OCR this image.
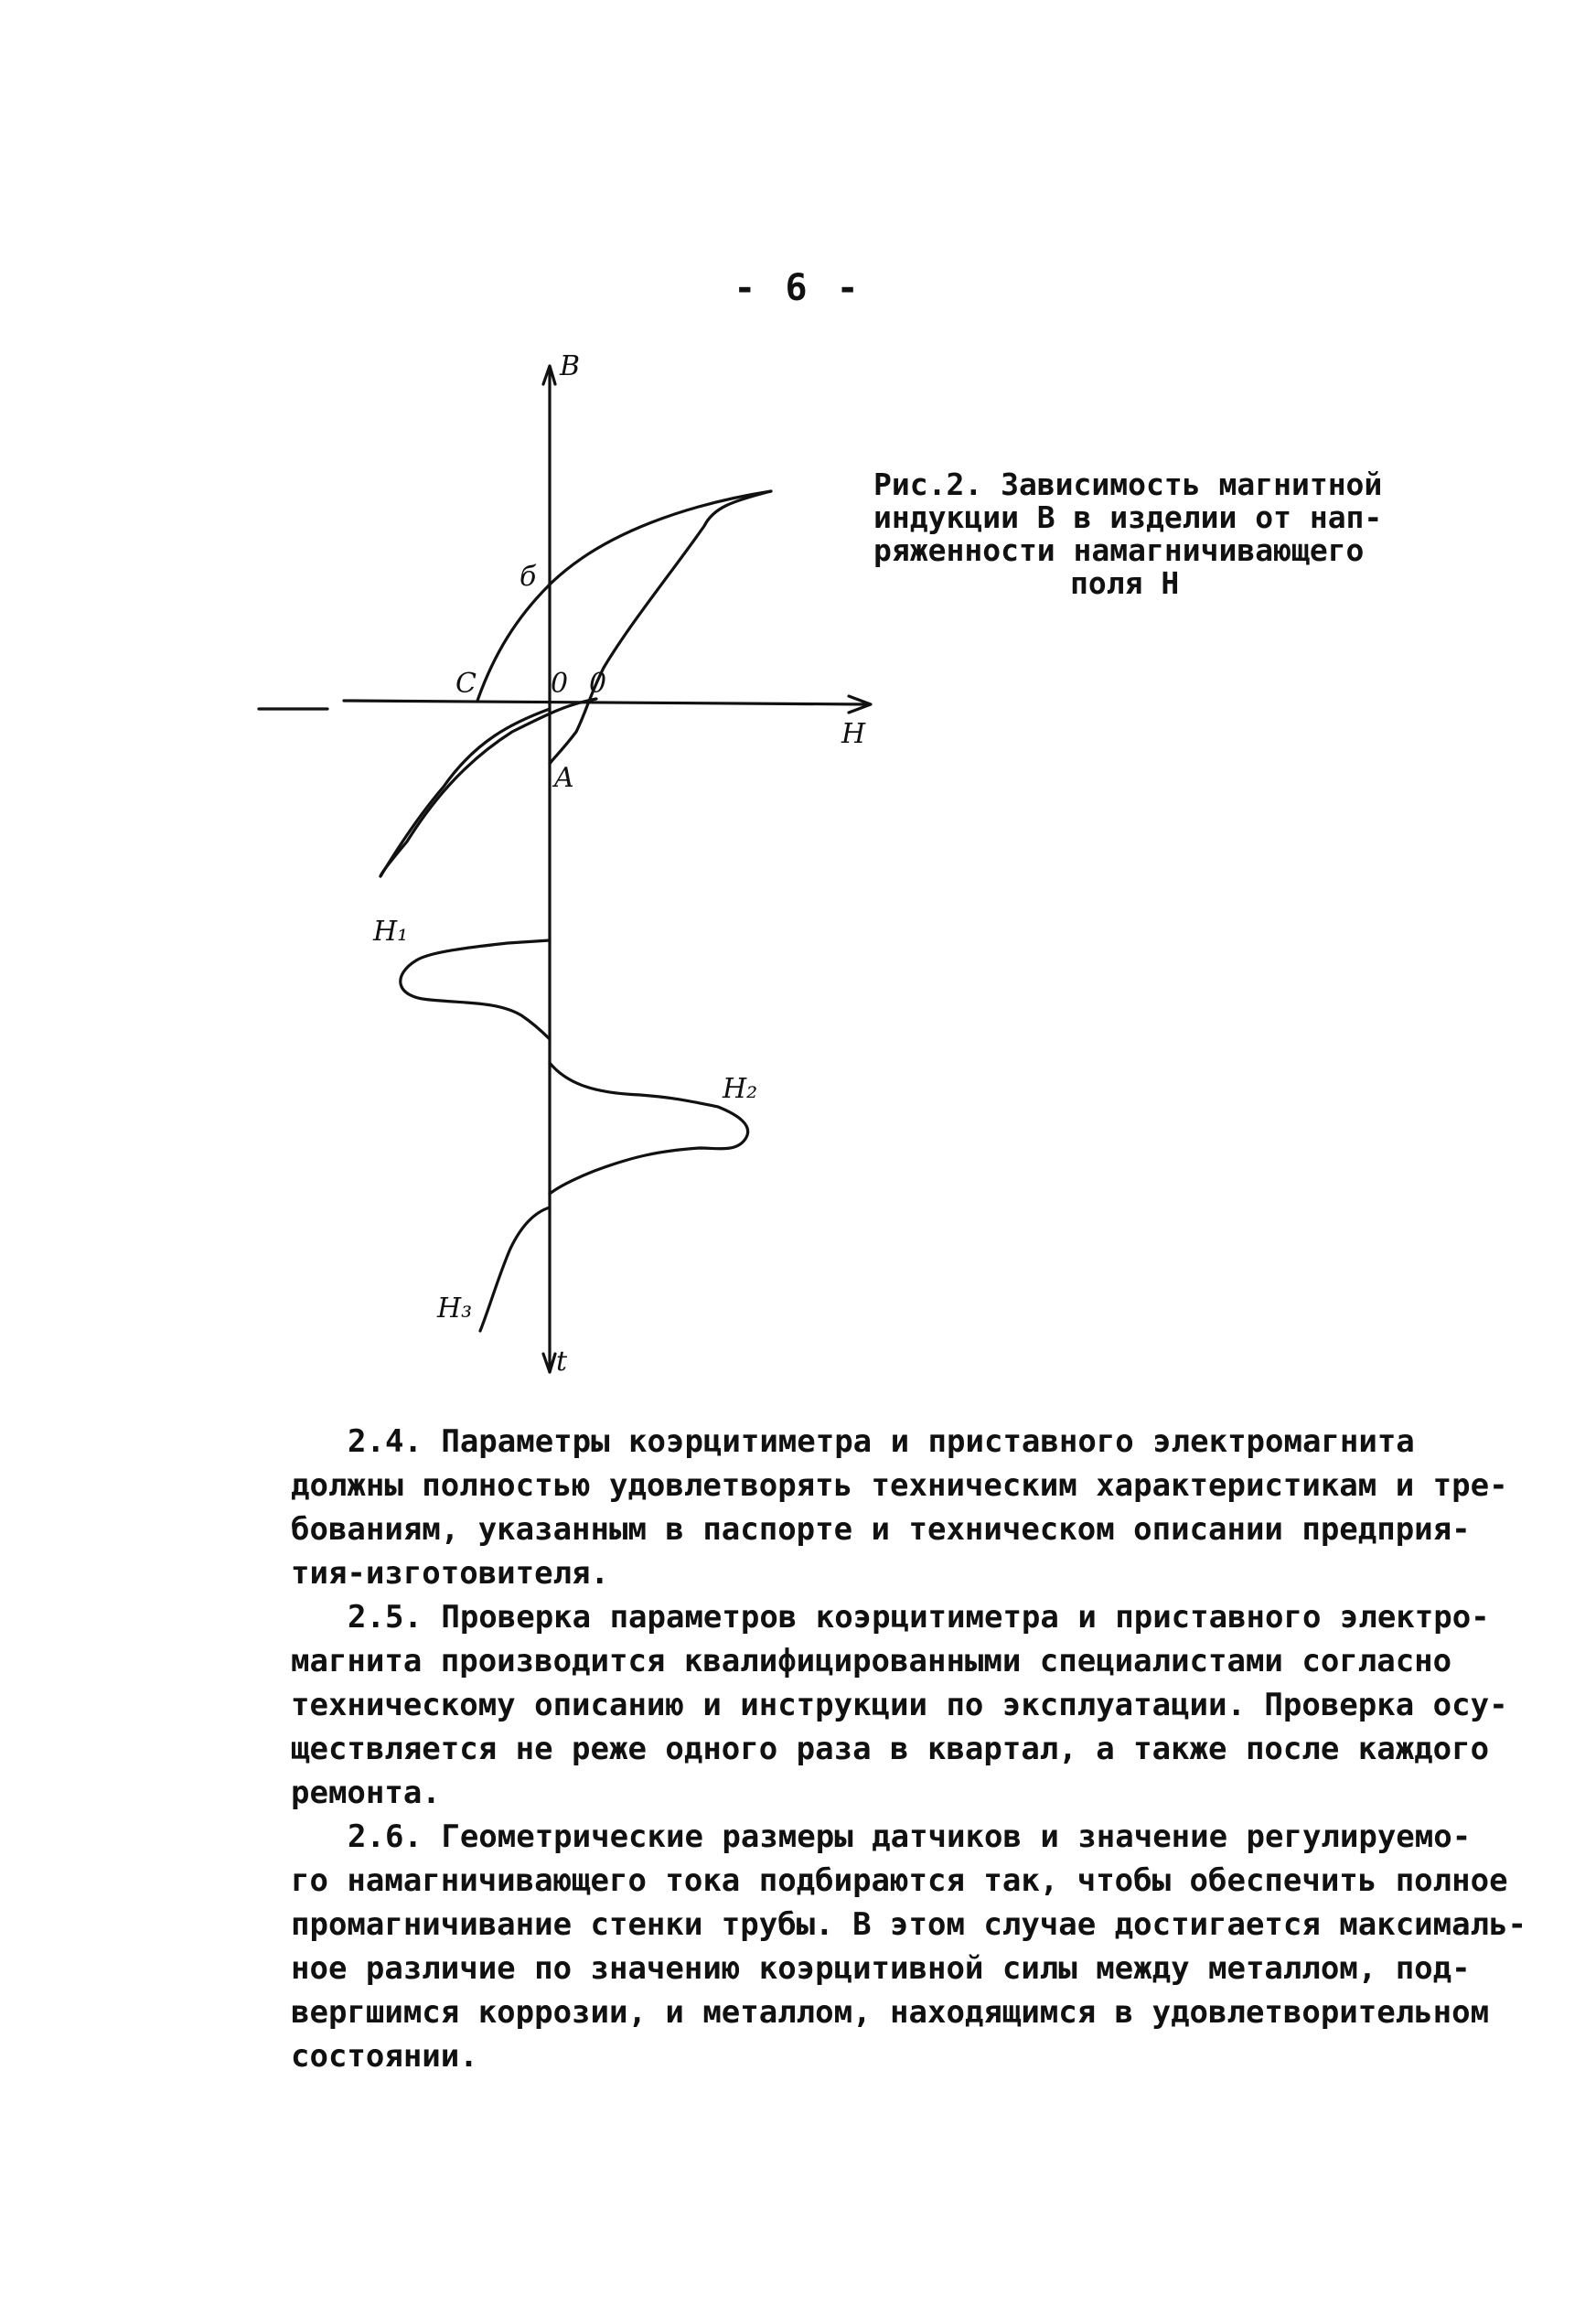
- 6 -
B
H
t
б
C	0 0
A
H₁
H₂
H₃
Рис.2. Зависимость магнитной
индукции B в изделии от нап-
ряженности намагничивающего
поля H

2.4. Параметры коэрцитиметра и приставного электромагнита
должны полностью удовлетворять техническим характеристикам и тре-
бованиям, указанным в паспорте и техническом описании предприя-
тия-изготовителя.

2.5. Проверка параметров коэрцитиметра и приставного электро-
магнита производится квалифицированными специалистами согласно
техническому описанию и инструкции по эксплуатации. Проверка осу-
ществляется не реже одного раза в квартал, а также после каждого
ремонта.

2.6. Геометрические размеры датчиков и значение регулируемо-
го намагничивающего тока подбираются так, чтобы обеспечить полное
промагничивание стенки трубы. В этом случае достигается максималь-
ное различие по значению коэрцитивной силы между металлом, под-
вергшимся коррозии, и металлом, находящимся в удовлетворительном
состоянии.
